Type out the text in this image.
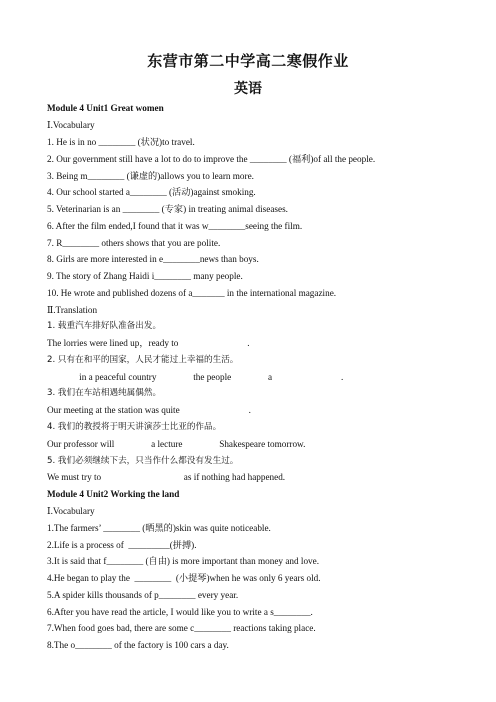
东营市第二中学高二寒假作业
英语
Module 4 Unit1 Great women
Ⅰ.Vocabulary
1. He is in no ________ (状况)to travel.
2. Our government still have a lot to do to improve the ________ (福利)of all the people.
3. Being m________ (谦虚的)allows you to learn more.
4. Our school started a________ (活动)against smoking.
5. Veterinarian is an ________ (专家) in treating animal diseases.
6. After the film ended,I found that it was w________seeing the film.
7. R________ others shows that you are polite.
8. Girls are more interested in e________news than boys.
9. The story of Zhang Haidi i________ many people.
10. He wrote and published dozens of a_______ in the international magazine.
Ⅱ.Translation
1. 载重汽车排好队准备出发。
The lorries were lined up，ready to                              .
2. 只有在和平的国家，人民才能过上幸福的生活。
in a peaceful country                the people                a                              .
3. 我们在车站相遇纯属偶然。
Our meeting at the station was quite                              .
4. 我们的教授将于明天讲演莎士比亚的作品。
Our professor will                a lecture                Shakespeare tomorrow.
5. 我们必须继续下去，只当作什么都没有发生过。
We must try to                                    as if nothing had happened.
Module 4 Unit2 Working the land
Ⅰ.Vocabulary
1.The farmers’ ________ (晒黑的)skin was quite noticeable.
2.Life is a process of  _________(拼搏).
3.It is said that f________ (自由) is more important than money and love.
4.He began to play the  ________  (小提琴)when he was only 6 years old.
5.A spider kills thousands of p________ every year.
6.After you have read the article, I would like you to write a s________.
7.When food goes bad, there are some c________ reactions taking place.
8.The o________ of the factory is 100 cars a day.
